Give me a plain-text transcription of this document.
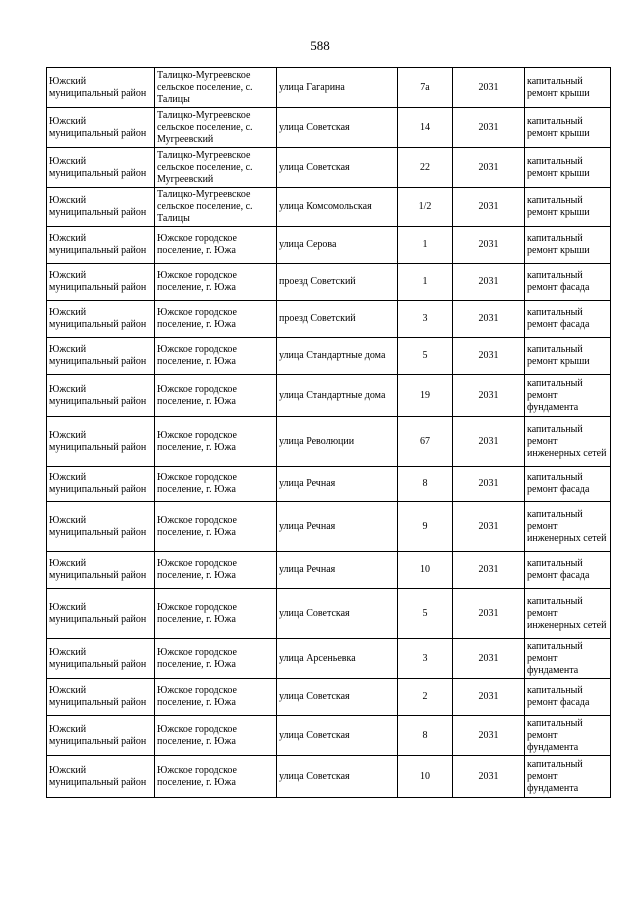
588
Южский муниципальный район	Талицко-Мугреевское сельское поселение, с. Талицы	улица Гагарина	7а	2031	капитальный ремонт крыши
Южский муниципальный район	Талицко-Мугреевское сельское поселение, с. Мугреевский	улица Советская	14	2031	капитальный ремонт крыши
Южский муниципальный район	Талицко-Мугреевское сельское поселение, с. Мугреевский	улица Советская	22	2031	капитальный ремонт крыши
Южский муниципальный район	Талицко-Мугреевское сельское поселение, с. Талицы	улица Комсомольская	1/2	2031	капитальный ремонт крыши
Южский муниципальный район	Южское городское поселение, г. Южа	улица Серова	1	2031	капитальный ремонт крыши
Южский муниципальный район	Южское городское поселение, г. Южа	проезд Советский	1	2031	капитальный ремонт фасада
Южский муниципальный район	Южское городское поселение, г. Южа	проезд Советский	3	2031	капитальный ремонт фасада
Южский муниципальный район	Южское городское поселение, г. Южа	улица Стандартные дома	5	2031	капитальный ремонт крыши
Южский муниципальный район	Южское городское поселение, г. Южа	улица Стандартные дома	19	2031	капитальный ремонт фундамента
Южский муниципальный район	Южское городское поселение, г. Южа	улица Революции	67	2031	капитальный ремонт инженерных сетей
Южский муниципальный район	Южское городское поселение, г. Южа	улица Речная	8	2031	капитальный ремонт фасада
Южский муниципальный район	Южское городское поселение, г. Южа	улица Речная	9	2031	капитальный ремонт инженерных сетей
Южский муниципальный район	Южское городское поселение, г. Южа	улица Речная	10	2031	капитальный ремонт фасада
Южский муниципальный район	Южское городское поселение, г. Южа	улица Советская	5	2031	капитальный ремонт инженерных сетей
Южский муниципальный район	Южское городское поселение, г. Южа	улица Арсеньевка	3	2031	капитальный ремонт фундамента
Южский муниципальный район	Южское городское поселение, г. Южа	улица Советская	2	2031	капитальный ремонт фасада
Южский муниципальный район	Южское городское поселение, г. Южа	улица Советская	8	2031	капитальный ремонт фундамента
Южский муниципальный район	Южское городское поселение, г. Южа	улица Советская	10	2031	капитальный ремонт фундамента
